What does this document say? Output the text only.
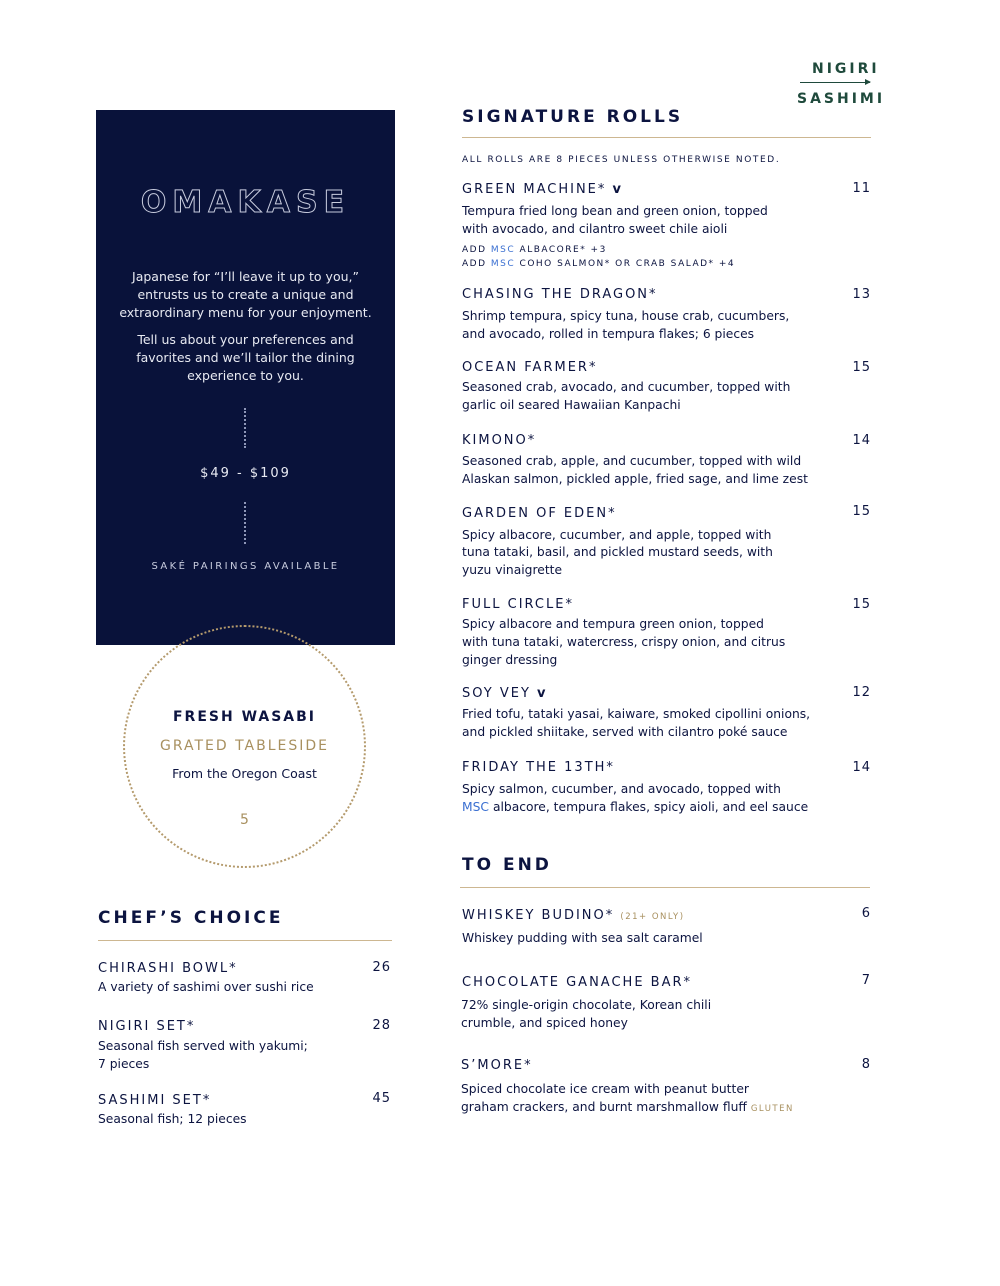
NIGIRI
SASHIMI
OMAKASE
Japanese for “I’ll leave it up to you,” entrusts us to create a unique and extraordinary menu for your enjoyment.
Tell us about your preferences and favorites and we’ll tailor the dining experience to you.
$49 - $109
SAKÉ PAIRINGS AVAILABLE
FRESH WASABI
GRATED TABLESIDE
From the Oregon Coast
5
CHEF’S CHOICE
CHIRASHI BOWL*	26
A variety of sashimi over sushi rice
NIGIRI SET*	28
Seasonal fish served with yakumi;
7 pieces
SASHIMI SET*	45
Seasonal fish; 12 pieces
SIGNATURE ROLLS
ALL ROLLS ARE 8 PIECES UNLESS OTHERWISE NOTED.
GREEN MACHINE* v	11
Tempura fried long bean and green onion, topped
with avocado, and cilantro sweet chile aioli
ADD MSC ALBACORE* +3
ADD MSC COHO SALMON* OR CRAB SALAD* +4
CHASING THE DRAGON*	13
Shrimp tempura, spicy tuna, house crab, cucumbers,
and avocado, rolled in tempura flakes; 6 pieces
OCEAN FARMER*	15
Seasoned crab, avocado, and cucumber, topped with
garlic oil seared Hawaiian Kanpachi
KIMONO*	14
Seasoned crab, apple, and cucumber, topped with wild
Alaskan salmon, pickled apple, fried sage, and lime zest
GARDEN OF EDEN*	15
Spicy albacore, cucumber, and apple, topped with
tuna tataki, basil, and pickled mustard seeds, with
yuzu vinaigrette
FULL CIRCLE*	15
Spicy albacore and tempura green onion, topped
with tuna tataki, watercress, crispy onion, and citrus
ginger dressing
SOY VEY v	12
Fried tofu, tataki yasai, kaiware, smoked cipollini onions,
and pickled shiitake, served with cilantro poké sauce
FRIDAY THE 13TH*	14
Spicy salmon, cucumber, and avocado, topped with
MSC albacore, tempura flakes, spicy aioli, and eel sauce
TO END
WHISKEY BUDINO* (21+ ONLY)	6
Whiskey pudding with sea salt caramel
CHOCOLATE GANACHE BAR*	7
72% single-origin chocolate, Korean chili
crumble, and spiced honey
S’MORE*	8
Spiced chocolate ice cream with peanut butter
graham crackers, and burnt marshmallow fluff GLUTEN
